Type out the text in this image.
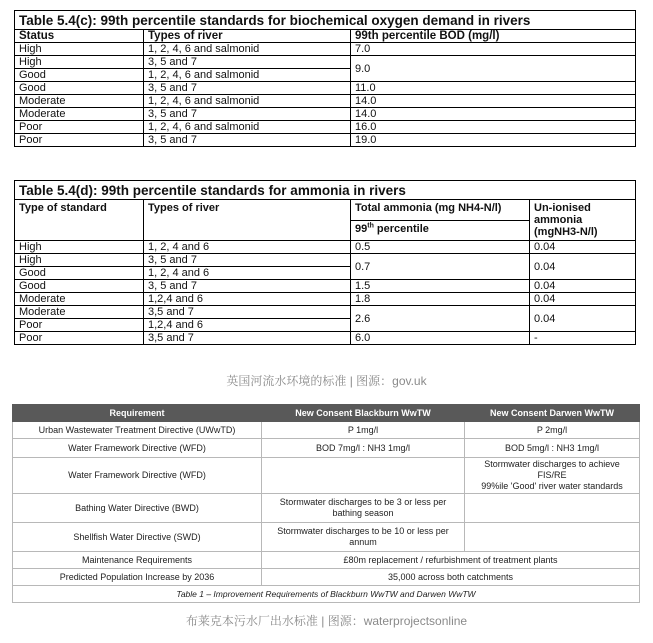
Table 5.4(c): 99th percentile standards for biochemical oxygen demand in rivers		
Status	Types of river	99th percentile BOD (mg/l)
High	1, 2, 4, 6 and salmonid	7.0
High	3, 5 and 7	9.0
Good	1, 2, 4, 6 and salmonid	
Good	3, 5 and 7	11.0
Moderate	1, 2, 4, 6 and salmonid	14.0
Moderate	3, 5 and 7	14.0
Poor	1, 2, 4, 6 and salmonid	16.0
Poor	3, 5 and 7	19.0
Table 5.4(d): 99th percentile standards for ammonia in rivers			
Type of standard	Types of river	Total ammonia (mg NH4-N/l)	Un-ionised ammonia (mgNH3-N/l)
		99th percentile	
High	1, 2, 4 and 6	0.5	0.04
High	3, 5 and 7	0.7	0.04
Good	1, 2, 4 and 6		
Good	3, 5 and 7	1.5	0.04
Moderate	1,2,4 and 6	1.8	0.04
Moderate	3,5 and 7	2.6	0.04
Poor	1,2,4 and 6		
Poor	3,5 and 7	6.0	-
英国河流水环境的标准 | 图源：gov.uk
Requirement	New Consent Blackburn WwTW	New Consent Darwen WwTW
Urban Wastewater Treatment Directive (UWwTD)	P 1mg/l	P 2mg/l
Water Framework Directive (WFD)	BOD 7mg/l : NH3 1mg/l	BOD 5mg/l : NH3 1mg/l
Water Framework Directive (WFD)		Stormwater discharges to achieve FIS/RE
99%ile 'Good' river water standards

Bathing Water Directive (BWD)	Stormwater discharges to be 3 or less per
bathing season	

Shellfish Water Directive (SWD)	Stormwater discharges to be 10 or less per
annum	

Maintenance Requirements	£80m replacement / refurbishment of treatment plants	
Predicted Population Increase by 2036	35,000 across both catchments	
Table 1 – Improvement Requirements of Blackburn WwTW and Darwen WwTW		
布莱克本污水厂出水标准 | 图源：waterprojectsonline
